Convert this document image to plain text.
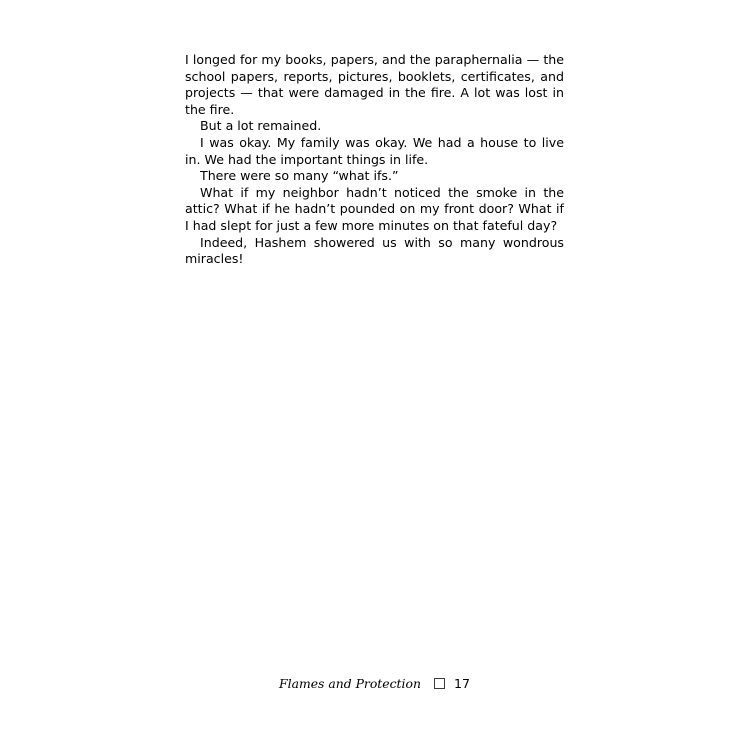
I longed for my books, papers, and the paraphernalia — the school papers, reports, pictures, booklets, certificates, and projects — that were damaged in the fire. A lot was lost in the fire.

But a lot remained.

I was okay. My family was okay. We had a house to live in. We had the important things in life.

There were so many “what ifs.”

What if my neighbor hadn’t noticed the smoke in the attic? What if he hadn’t pounded on my front door? What if I had slept for just a few more minutes on that fateful day?

Indeed, Hashem showered us with so many wondrous miracles!

Flames and Protection	17
